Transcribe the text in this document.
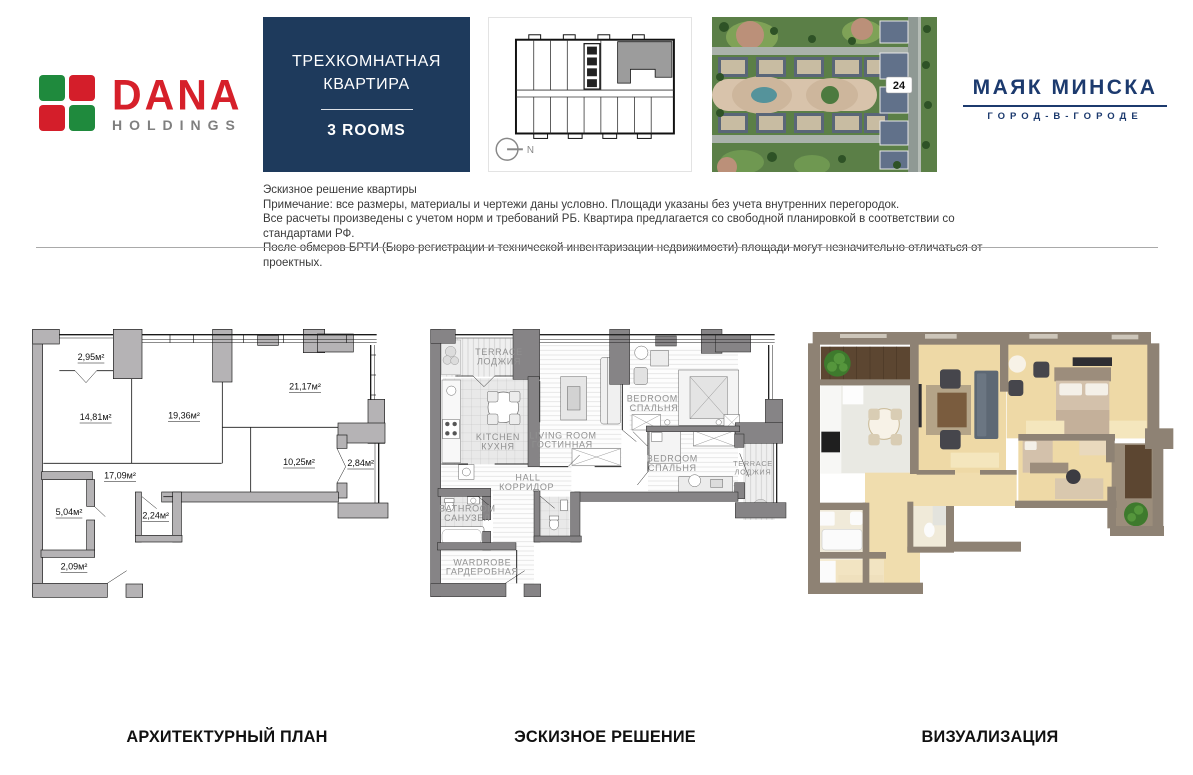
DANA
HOLDINGS
ТРЕХКОМНАТНАЯ
КВАРТИРА
3 ROOMS
N
24	МАЯК МИНСКА
ГОРОД-В-ГОРОДЕ
Эскизное решение квартиры
Примечание: все размеры, материалы и чертежи даны условно. Площади указаны без учета внутренних перегородок.
Все расчеты произведены с учетом норм и требований РБ. Квартира предлагается со свободной планировкой в соответствии со стандартами РФ.
После обмеров БРТИ (Бюро регистрации и технической инвентаризации недвижимости) площади могут незначительно отличаться от проектных.
2,95м²
14,81м² 19,36м²
21,17м²
10,25м² 2,84м²
17,09м²
5,04м² 2,24м²
2,09м²
TERRACE
ЛОДЖИЯ
KITCHEN
КУХНЯ
LIVING ROOM
ГОСТИННАЯ
BEDROOM
СПАЛЬНЯ
BEDROOM
СПАЛЬНЯ TERRACE
ЛОДЖИЯ
HALL
КОРРИДОР
BATHROOM
САНУЗЕЛ
WARDROBE
ГАРДЕРОБНАЯ
АРХИТЕКТУРНЫЙ ПЛАН	ЭСКИЗНОЕ РЕШЕНИЕ	ВИЗУАЛИЗАЦИЯ
